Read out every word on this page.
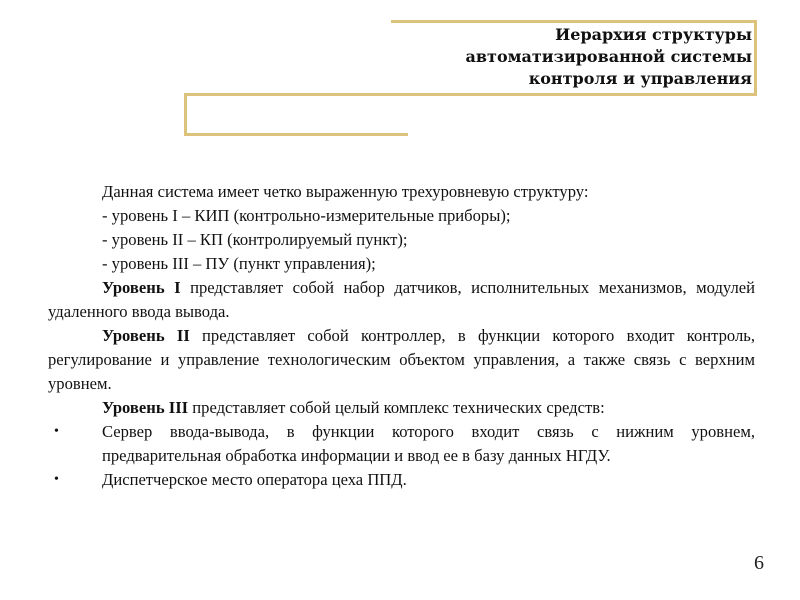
Иерархия структуры
автоматизированной системы
контроля и управления

Данная система имеет четко выраженную трехуровневую структуру:

- уровень I – КИП (контрольно-измерительные приборы);

- уровень II – КП (контролируемый пункт);

- уровень III – ПУ (пункт управления);

Уровень I представляет собой набор датчиков, исполнительных механизмов, модулей удаленного ввода вывода.

Уровень II представляет собой контроллер, в функции которого входит контроль, регулирование и управление технологическим объектом управления, а также связь с верхним уровнем.

Уровень III представляет собой целый комплекс технических средств:

•	Сервер ввода-вывода, в функции которого входит связь с нижним уровнем, предварительная обработка информации и ввод ее в базу данных НГДУ.
•	Диспетчерское место оператора цеха ППД.
6
